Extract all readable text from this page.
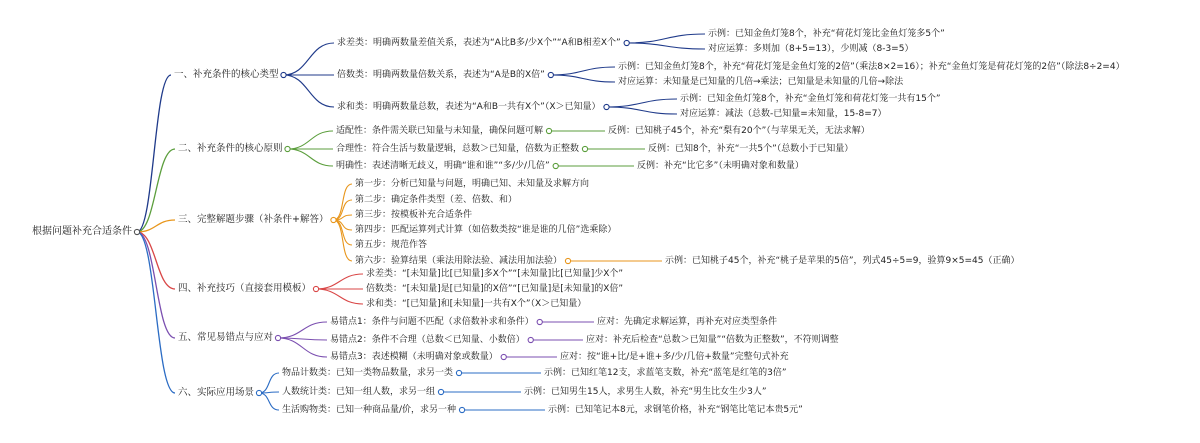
根据问题补充合适条件
一、补充条件的核心类型
求差类：明确两数量差值关系，表述为“A比B多/少X个”“A和B相差X个”
示例：已知金鱼灯笼8个，补充“荷花灯笼比金鱼灯笼多5个”
对应运算：多则加（8+5=13），少则减（8-3=5）
倍数类：明确两数量倍数关系，表述为“A是B的X倍”
示例：已知金鱼灯笼8个，补充“荷花灯笼是金鱼灯笼的2倍”（乘法8×2=16）；补充“金鱼灯笼是荷花灯笼的2倍”（除法8÷2=4）
对应运算：未知量是已知量的几倍→乘法；已知量是未知量的几倍→除法
求和类：明确两数量总数，表述为“A和B一共有X个”（X＞已知量）
示例：已知金鱼灯笼8个，补充“金鱼灯笼和荷花灯笼一共有15个”
对应运算：减法（总数-已知量=未知量，15-8=7）
二、补充条件的核心原则
适配性：条件需关联已知量与未知量，确保问题可解	反例：已知桃子45个，补充“梨有20个”（与苹果无关，无法求解）
合理性：符合生活与数量逻辑，总数＞已知量，倍数为正整数	反例：已知8个，补充“一共5个”（总数小于已知量）
明确性：表述清晰无歧义，明确“谁和谁”“多/少/几倍”	反例：补充“比它多”（未明确对象和数量）
三、完整解题步骤（补条件+解答）
第一步：分析已知量与问题，明确已知、未知量及求解方向
第二步：确定条件类型（差、倍数、和）
第三步：按模板补充合适条件
第四步：匹配运算列式计算（如倍数类按“谁是谁的几倍”选乘除）
第五步：规范作答
第六步：验算结果（乘法用除法验、减法用加法验）	示例：已知桃子45个，补充“桃子是苹果的5倍”，列式45÷5=9，验算9×5=45（正确）
四、补充技巧（直接套用模板）
求差类：“[未知量]比[已知量]多X个”“[未知量]比[已知量]少X个”
倍数类：“[未知量]是[已知量]的X倍”“[已知量]是[未知量]的X倍”
求和类：“[已知量]和[未知量]一共有X个”（X＞已知量）
五、常见易错点与应对
易错点1：条件与问题不匹配（求倍数补求和条件）	应对：先确定求解运算，再补充对应类型条件
易错点2：条件不合理（总数＜已知量、小数倍）	应对：补充后检查“总数＞已知量”“倍数为正整数”，不符则调整
易错点3：表述模糊（未明确对象或数量）	应对：按“谁+比/是+谁+多/少/几倍+数量”完整句式补充
六、实际应用场景
物品计数类：已知一类物品数量，求另一类	示例：已知红笔12支，求蓝笔支数，补充“蓝笔是红笔的3倍”
人数统计类：已知一组人数，求另一组	示例：已知男生15人，求男生人数，补充“男生比女生少3人”
生活购物类：已知一种商品量/价，求另一种	示例：已知笔记本8元，求钢笔价格，补充“钢笔比笔记本贵5元”
